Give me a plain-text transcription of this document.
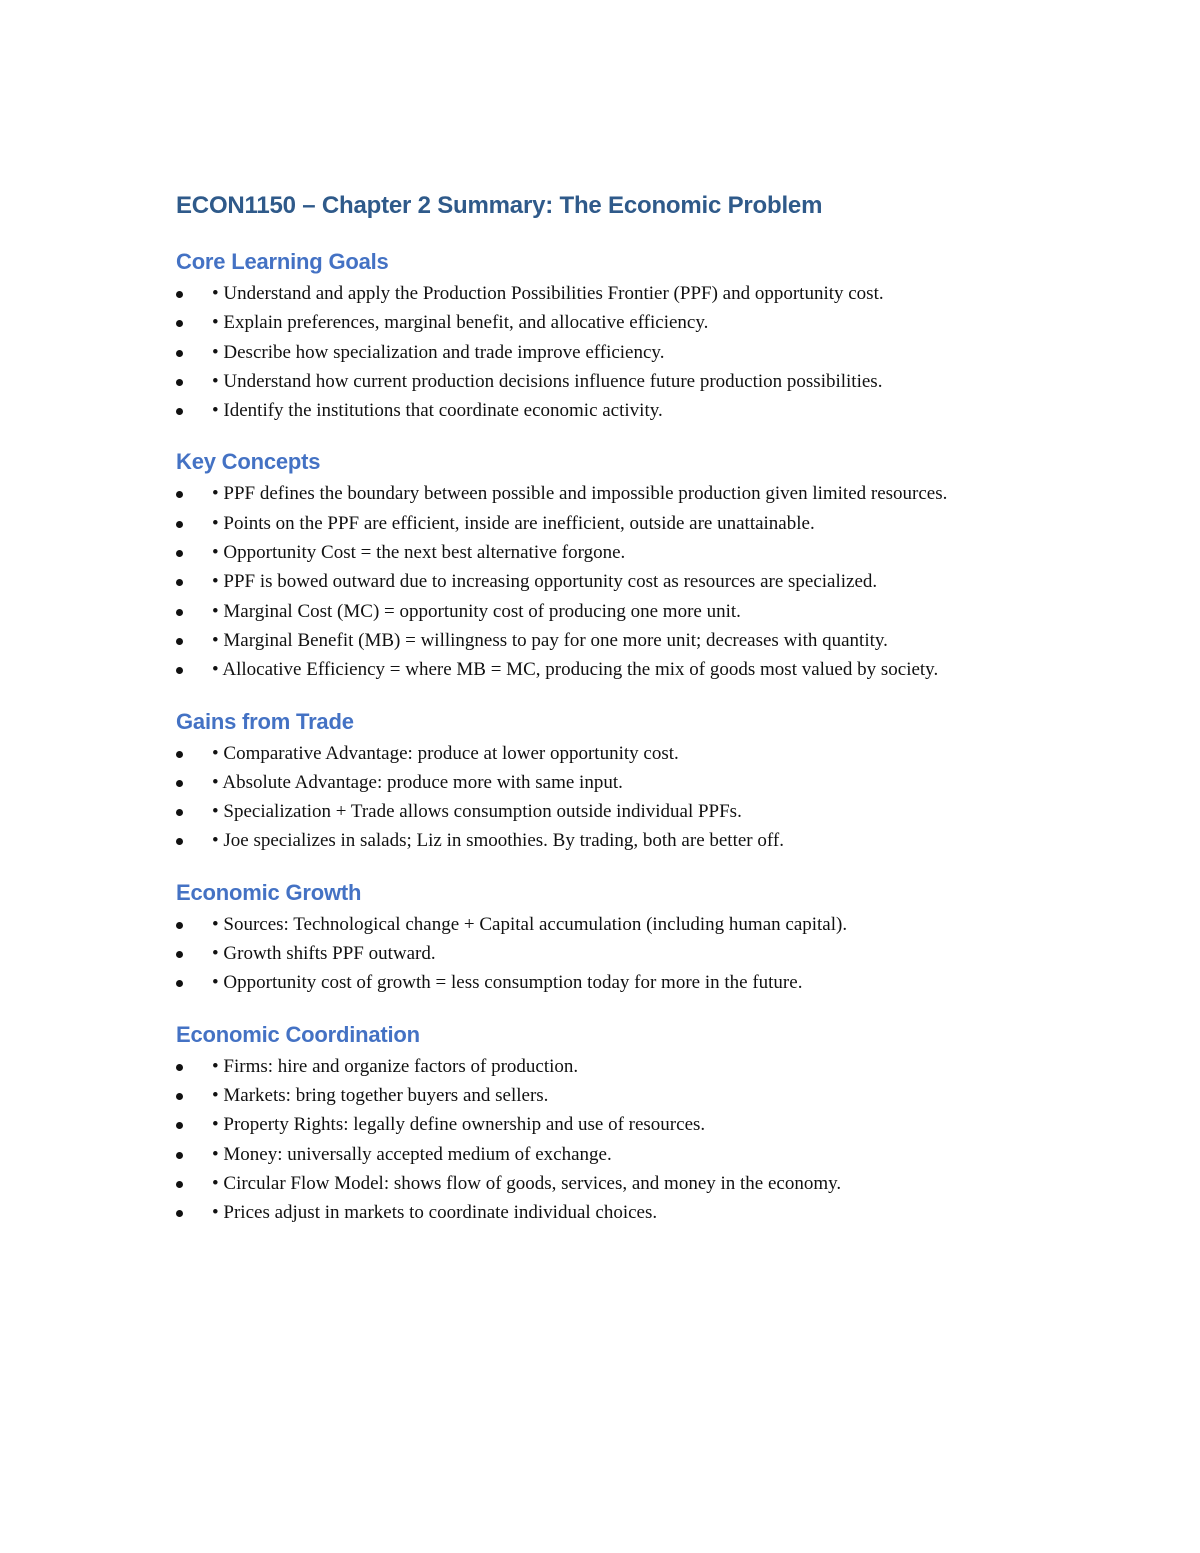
ECON1150 – Chapter 2 Summary: The Economic Problem
Core Learning Goals
• Understand and apply the Production Possibilities Frontier (PPF) and opportunity cost.
• Explain preferences, marginal benefit, and allocative efficiency.
• Describe how specialization and trade improve efficiency.
• Understand how current production decisions influence future production possibilities.
• Identify the institutions that coordinate economic activity.
Key Concepts
• PPF defines the boundary between possible and impossible production given limited resources.
• Points on the PPF are efficient, inside are inefficient, outside are unattainable.
• Opportunity Cost = the next best alternative forgone.
• PPF is bowed outward due to increasing opportunity cost as resources are specialized.
• Marginal Cost (MC) = opportunity cost of producing one more unit.
• Marginal Benefit (MB) = willingness to pay for one more unit; decreases with quantity.
• Allocative Efficiency = where MB = MC, producing the mix of goods most valued by society.
Gains from Trade
• Comparative Advantage: produce at lower opportunity cost.
• Absolute Advantage: produce more with same input.
• Specialization + Trade allows consumption outside individual PPFs.
• Joe specializes in salads; Liz in smoothies. By trading, both are better off.
Economic Growth
• Sources: Technological change + Capital accumulation (including human capital).
• Growth shifts PPF outward.
• Opportunity cost of growth = less consumption today for more in the future.
Economic Coordination
• Firms: hire and organize factors of production.
• Markets: bring together buyers and sellers.
• Property Rights: legally define ownership and use of resources.
• Money: universally accepted medium of exchange.
• Circular Flow Model: shows flow of goods, services, and money in the economy.
• Prices adjust in markets to coordinate individual choices.
